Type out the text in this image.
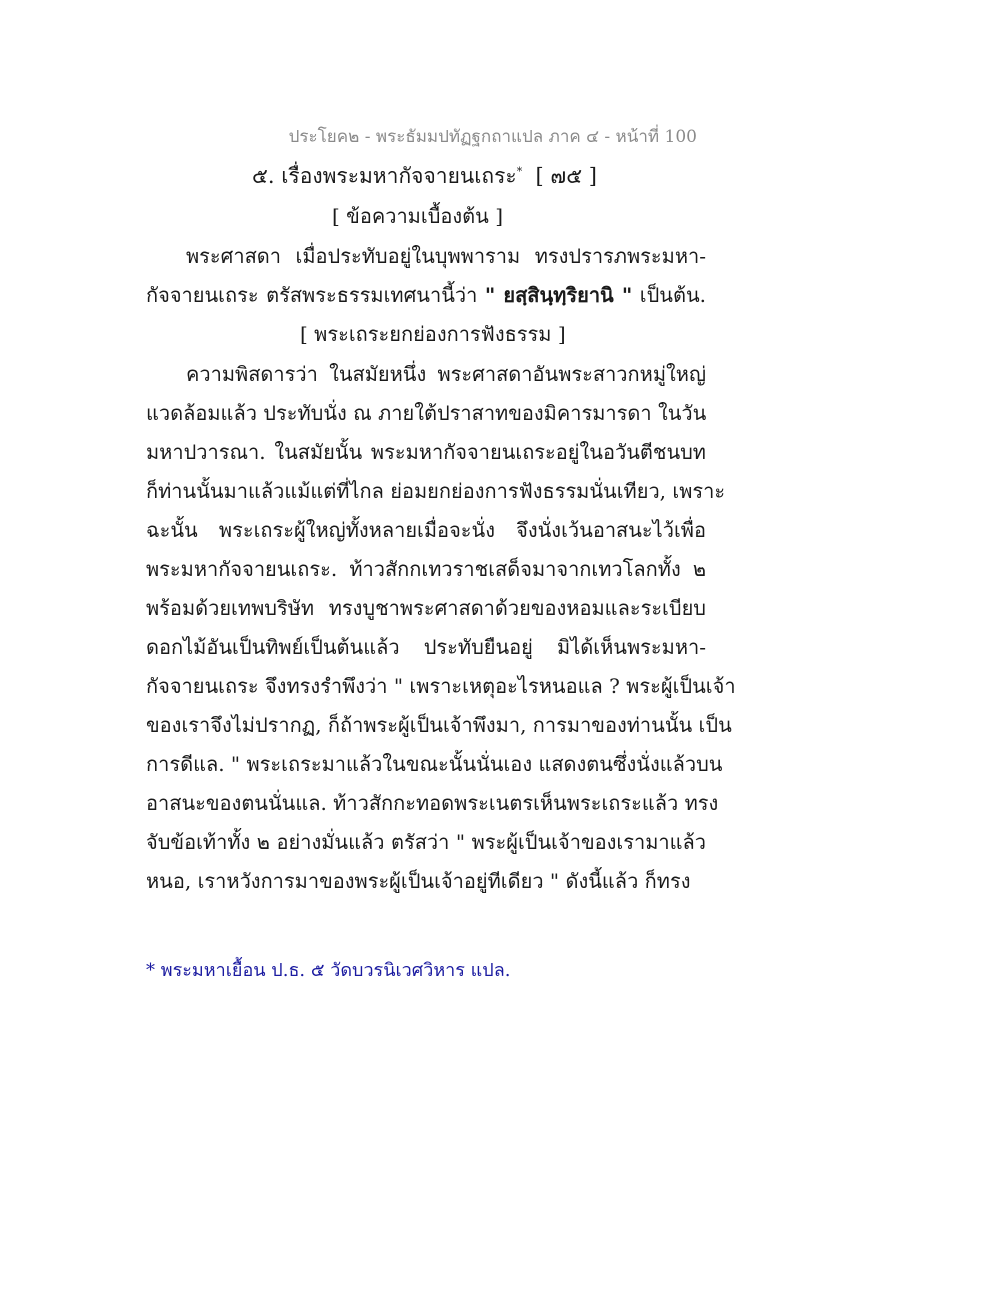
ประโยค๒ - พระธัมมปทัฏฐกถาแปล ภาค ๔ - หน้าที่ 100
๕. เรื่องพระมหากัจจายนเถระ* [ ๗๕ ]
[ ข้อความเบื้องต้น ]
พระศาสดา เมื่อประทับอยู่ในบุพพาราม ทรงปรารภพระมหา-
กัจจายนเถระ ตรัสพระธรรมเทศนานี้ว่า " ยสฺสินฺทฺริยานิ " เป็นต้น.
[ พระเถระยกย่องการฟังธรรม ]
ความพิสดารว่า ในสมัยหนึ่ง พระศาสดาอันพระสาวกหมู่ใหญ่
แวดล้อมแล้ว ประทับนั่ง ณ ภายใต้ปราสาทของมิคารมารดา ในวัน
มหาปวารณา. ในสมัยนั้น พระมหากัจจายนเถระอยู่ในอวันตีชนบท
ก็ท่านนั้นมาแล้วแม้แต่ที่ไกล ย่อมยกย่องการฟังธรรมนั่นเทียว, เพราะ
ฉะนั้น พระเถระผู้ใหญ่ทั้งหลายเมื่อจะนั่ง จึงนั่งเว้นอาสนะไว้เพื่อ
พระมหากัจจายนเถระ. ท้าวสักกเทวราชเสด็จมาจากเทวโลกทั้ง ๒
พร้อมด้วยเทพบริษัท ทรงบูชาพระศาสดาด้วยของหอมและระเบียบ
ดอกไม้อันเป็นทิพย์เป็นต้นแล้ว ประทับยืนอยู่ มิได้เห็นพระมหา-
กัจจายนเถระ จึงทรงรำพึงว่า " เพราะเหตุอะไรหนอแล ? พระผู้เป็นเจ้า
ของเราจึงไม่ปรากฏ, ก็ถ้าพระผู้เป็นเจ้าพึงมา, การมาของท่านนั้น เป็น
การดีแล. " พระเถระมาแล้วในขณะนั้นนั่นเอง แสดงตนซึ่งนั่งแล้วบน
อาสนะของตนนั่นแล. ท้าวสักกะทอดพระเนตรเห็นพระเถระแล้ว ทรง
จับข้อเท้าทั้ง ๒ อย่างมั่นแล้ว ตรัสว่า " พระผู้เป็นเจ้าของเรามาแล้ว
หนอ, เราหวังการมาของพระผู้เป็นเจ้าอยู่ทีเดียว " ดังนี้แล้ว ก็ทรง
* พระมหาเยื้อน ป.ธ. ๕ วัดบวรนิเวศวิหาร แปล.
